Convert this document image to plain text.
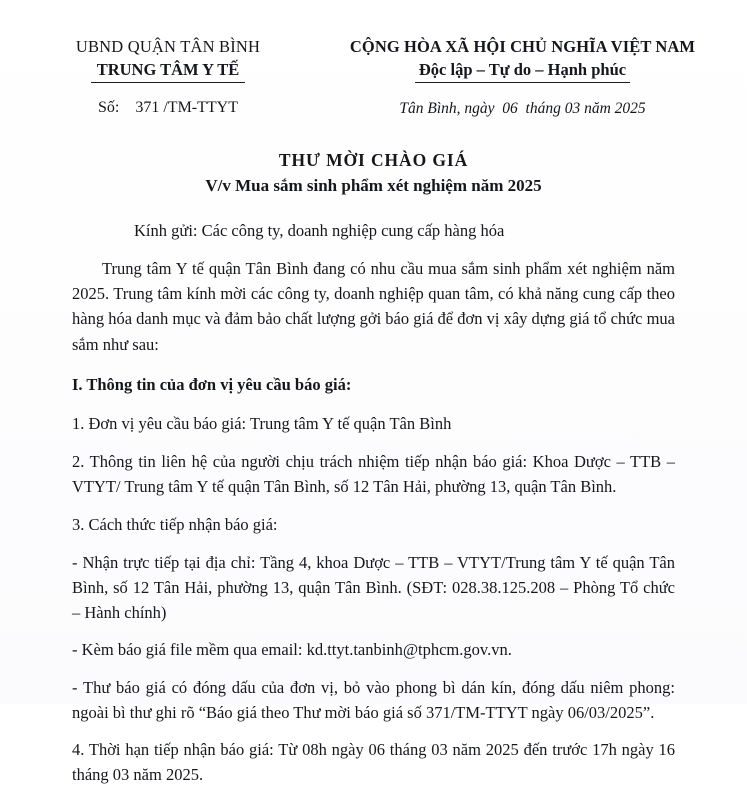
UBND QUẬN TÂN BÌNH
TRUNG TÂM Y TẾ
Số:    371 /TM-TTYT
CỘNG HÒA XÃ HỘI CHỦ NGHĨA VIỆT NAM
Độc lập – Tự do – Hạnh phúc
Tân Bình, ngày  06  tháng 03 năm 2025
THƯ MỜI CHÀO GIÁ
V/v Mua sắm sinh phẩm xét nghiệm năm 2025
Kính gửi: Các công ty, doanh nghiệp cung cấp hàng hóa

Trung tâm Y tế quận Tân Bình đang có nhu cầu mua sắm sinh phẩm xét nghiệm năm 2025. Trung tâm kính mời các công ty, doanh nghiệp quan tâm, có khả năng cung cấp theo hàng hóa danh mục và đảm bảo chất lượng gởi báo giá để đơn vị xây dựng giá tổ chức mua sắm như sau:

I. Thông tin của đơn vị yêu cầu báo giá:

1. Đơn vị yêu cầu báo giá: Trung tâm Y tế quận Tân Bình

2. Thông tin liên hệ của người chịu trách nhiệm tiếp nhận báo giá: Khoa Dược – TTB – VTYT/ Trung tâm Y tế quận Tân Bình, số 12 Tân Hải, phường 13, quận Tân Bình.

3. Cách thức tiếp nhận báo giá:

- Nhận trực tiếp tại địa chỉ: Tầng 4, khoa Dược – TTB – VTYT/Trung tâm Y tế quận Tân Bình, số 12 Tân Hải, phường 13, quận Tân Bình. (SĐT: 028.38.125.208 – Phòng Tổ chức – Hành chính)

- Kèm báo giá file mềm qua email: kd.ttyt.tanbinh@tphcm.gov.vn.

- Thư báo giá có đóng dấu của đơn vị, bỏ vào phong bì dán kín, đóng dấu niêm phong: ngoài bì thư ghi rõ “Báo giá theo Thư mời báo giá số 371/TM-TTYT ngày 06/03/2025”.

4. Thời hạn tiếp nhận báo giá: Từ 08h ngày 06 tháng 03 năm 2025 đến trước 17h ngày 16 tháng 03 năm 2025.
